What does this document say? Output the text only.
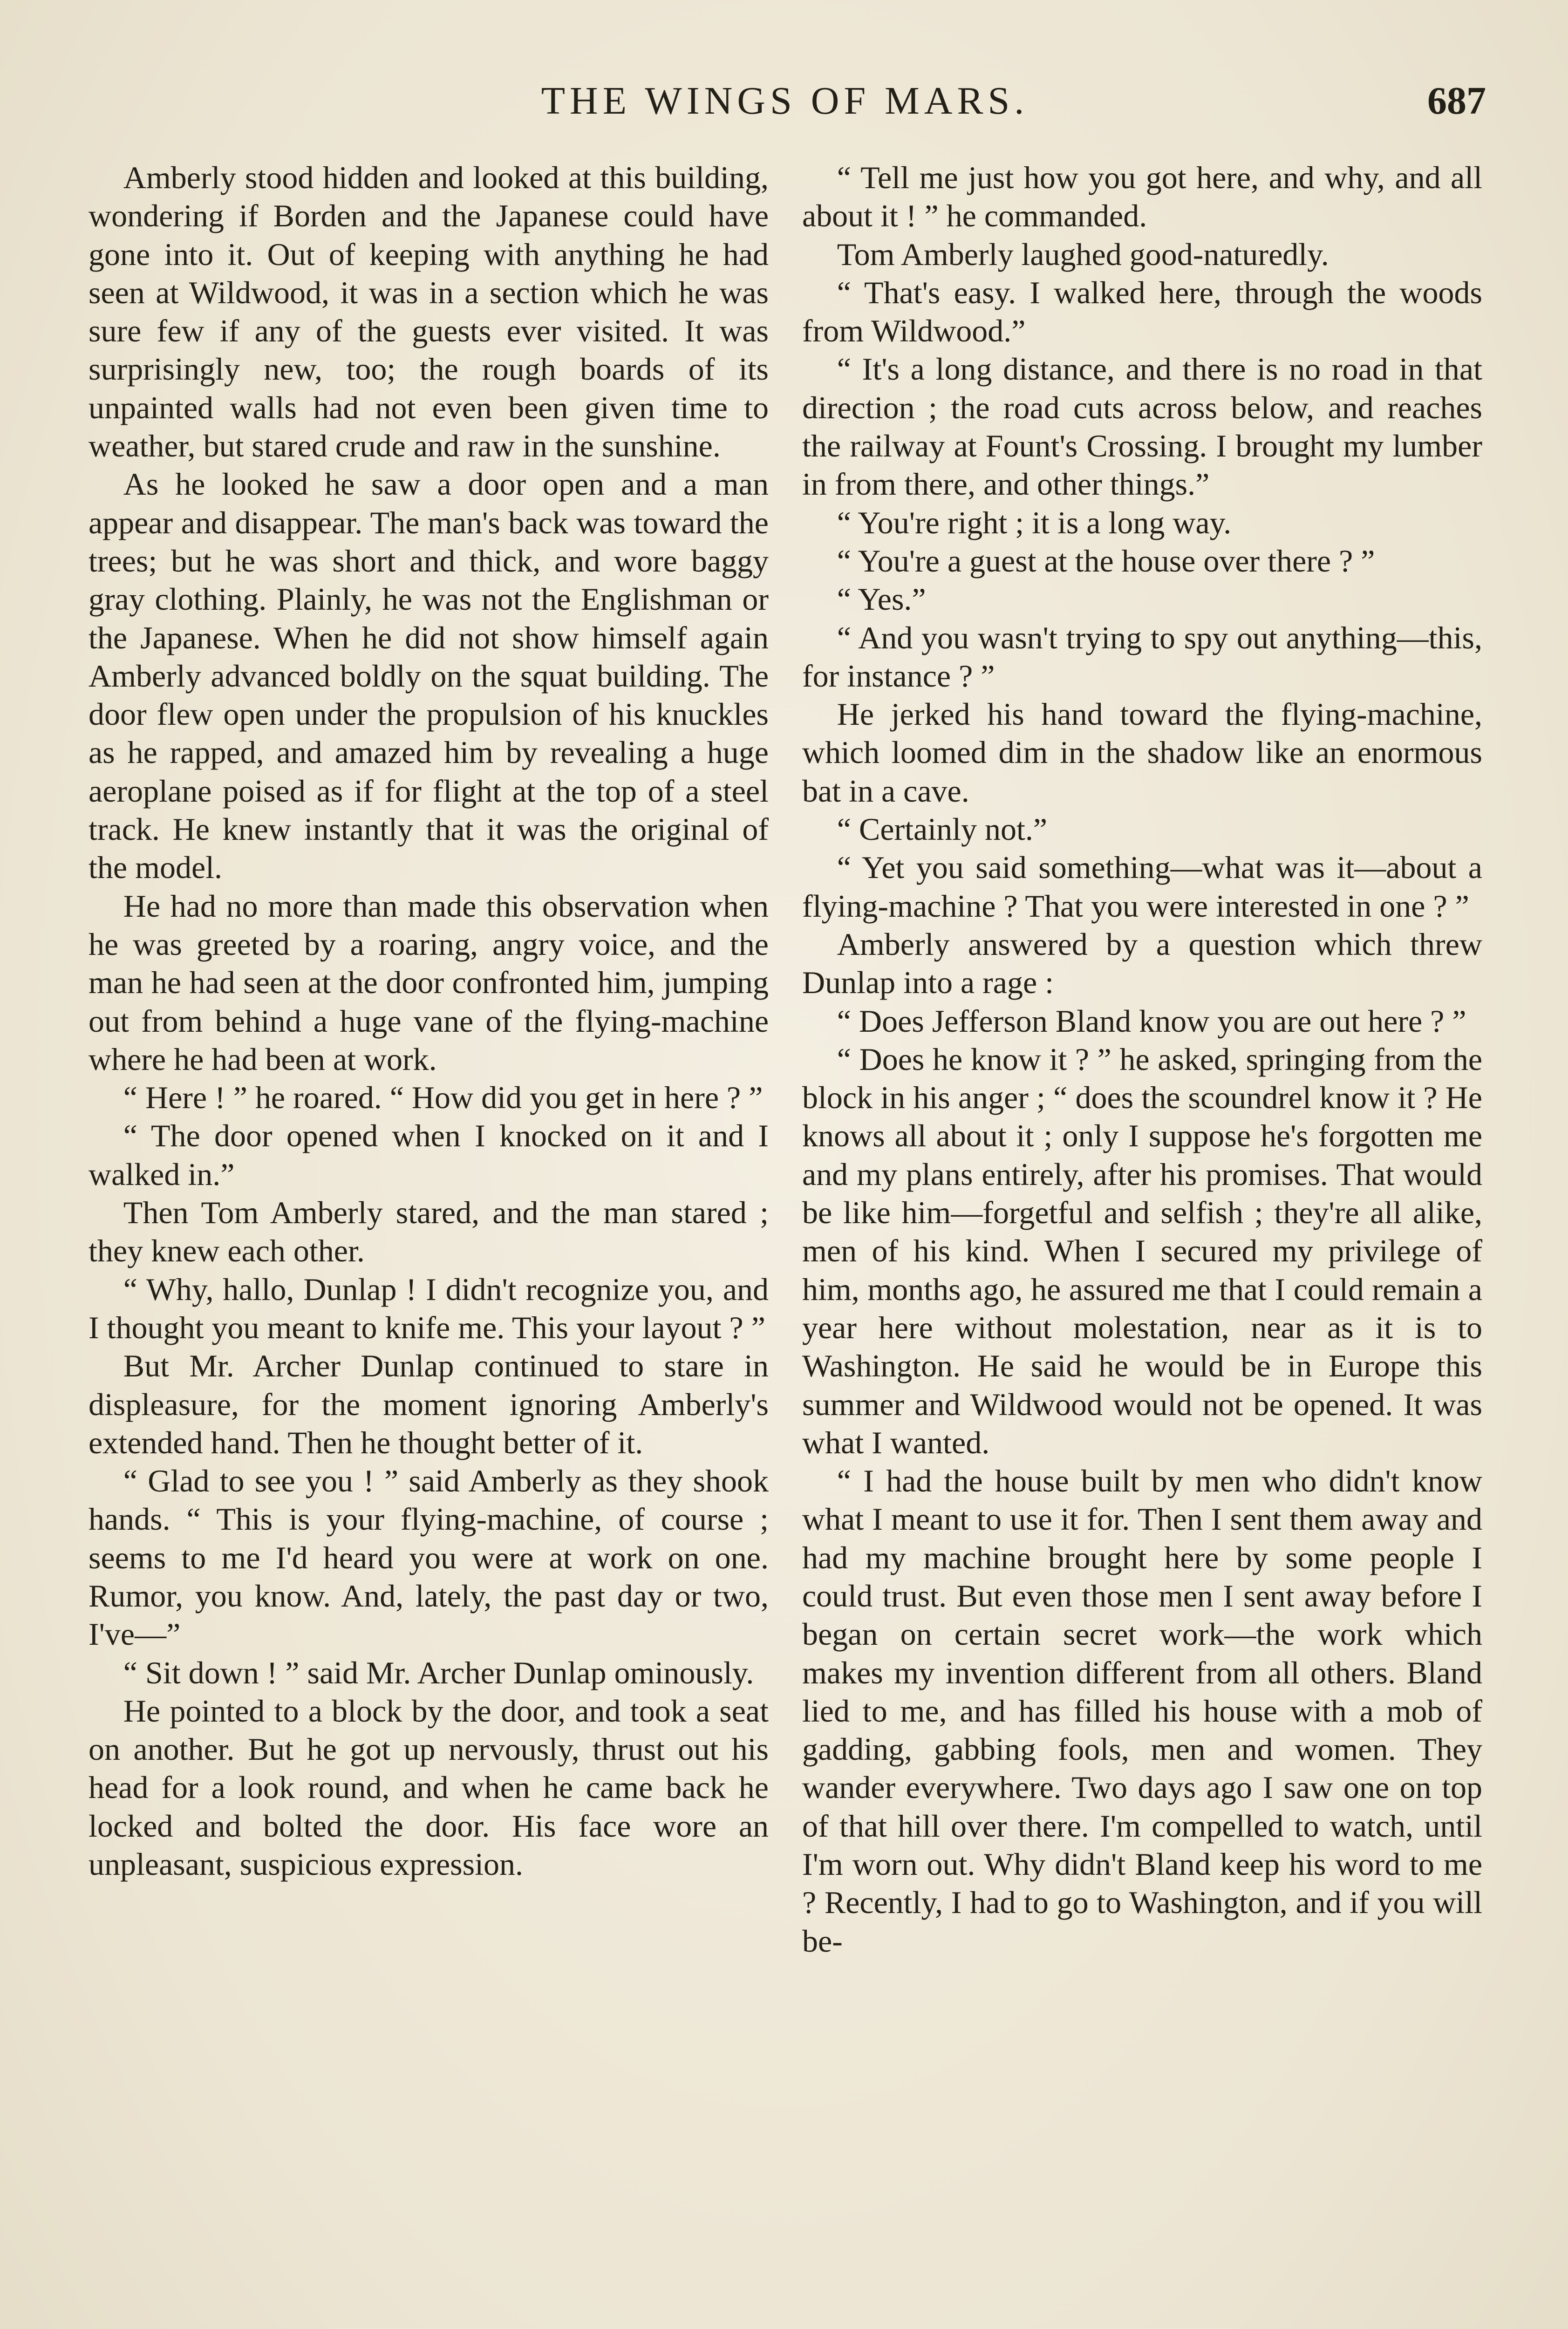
THE WINGS OF MARS.	687

Amberly stood hidden and looked at this building, wondering if Borden and the Japanese could have gone into it. Out of keeping with anything he had seen at Wildwood, it was in a section which he was sure few if any of the guests ever visited. It was surprisingly new, too; the rough boards of its unpainted walls had not even been given time to weather, but stared crude and raw in the sunshine.

As he looked he saw a door open and a man appear and disappear. The man's back was toward the trees; but he was short and thick, and wore baggy gray clothing. Plainly, he was not the Englishman or the Japanese. When he did not show himself again Amberly advanced boldly on the squat building. The door flew open under the propulsion of his knuckles as he rapped, and amazed him by revealing a huge aeroplane poised as if for flight at the top of a steel track. He knew instantly that it was the original of the model.

He had no more than made this observation when he was greeted by a roaring, angry voice, and the man he had seen at the door confronted him, jumping out from behind a huge vane of the flying-machine where he had been at work.

“ Here ! ” he roared. “ How did you get in here ? ”

“ The door opened when I knocked on it and I walked in.”

Then Tom Amberly stared, and the man stared ; they knew each other.

“ Why, hallo, Dunlap ! I didn't recognize you, and I thought you meant to knife me. This your layout ? ”

But Mr. Archer Dunlap continued to stare in displeasure, for the moment ignoring Amberly's extended hand. Then he thought better of it.

“ Glad to see you ! ” said Amberly as they shook hands. “ This is your flying-machine, of course ; seems to me I'd heard you were at work on one. Rumor, you know. And, lately, the past day or two, I've—”

“ Sit down ! ” said Mr. Archer Dunlap ominously.

He pointed to a block by the door, and took a seat on another. But he got up nervously, thrust out his head for a look round, and when he came back he locked and bolted the door. His face wore an unpleasant, suspicious expression.

“ Tell me just how you got here, and why, and all about it ! ” he commanded.

Tom Amberly laughed good-naturedly.

“ That's easy. I walked here, through the woods from Wildwood.”

“ It's a long distance, and there is no road in that direction ; the road cuts across below, and reaches the railway at Fount's Crossing. I brought my lumber in from there, and other things.”

“ You're right ; it is a long way.

“ You're a guest at the house over there ? ”

“ Yes.”

“ And you wasn't trying to spy out anything—this, for instance ? ”

He jerked his hand toward the flying-machine, which loomed dim in the shadow like an enormous bat in a cave.

“ Certainly not.”

“ Yet you said something—what was it—about a flying-machine ? That you were interested in one ? ”

Amberly answered by a question which threw Dunlap into a rage :

“ Does Jefferson Bland know you are out here ? ”

“ Does he know it ? ” he asked, springing from the block in his anger ; “ does the scoundrel know it ? He knows all about it ; only I suppose he's forgotten me and my plans entirely, after his promises. That would be like him—forgetful and selfish ; they're all alike, men of his kind. When I secured my privilege of him, months ago, he assured me that I could remain a year here without molestation, near as it is to Washington. He said he would be in Europe this summer and Wildwood would not be opened. It was what I wanted.

“ I had the house built by men who didn't know what I meant to use it for. Then I sent them away and had my machine brought here by some people I could trust. But even those men I sent away before I began on certain secret work—the work which makes my invention different from all others. Bland lied to me, and has filled his house with a mob of gadding, gabbing fools, men and women. They wander everywhere. Two days ago I saw one on top of that hill over there. I'm compelled to watch, until I'm worn out. Why didn't Bland keep his word to me ? Recently, I had to go to Washington, and if you will be-
